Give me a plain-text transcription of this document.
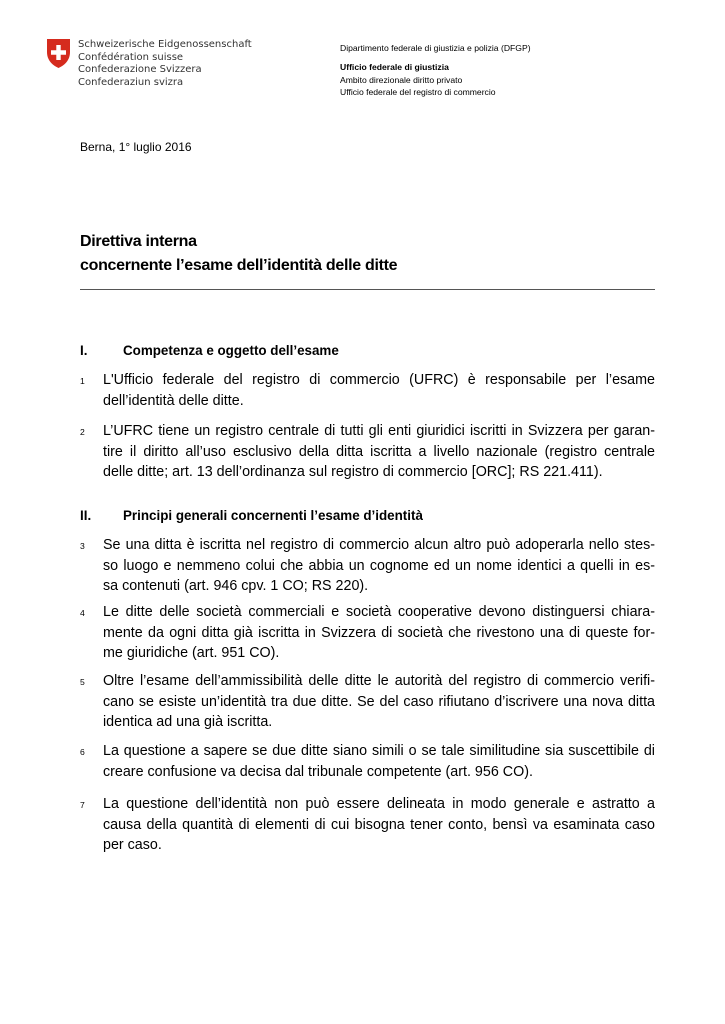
Schweizerische Eidgenossenschaft
Confédération suisse
Confederazione Svizzera
Confederaziun svizra
Dipartimento federale di giustizia e polizia (DFGP)
Ufficio federale di giustizia
Ambito direzionale diritto privato
Ufficio federale del registro di commercio
Berna, 1° luglio 2016
Direttiva interna
concernente l’esame dell’identità delle ditte
I.	Competenza e oggetto dell’esame
1 L'Ufficio federale del registro di commercio (UFRC) è responsabile per l’esame
dell’identità delle ditte.
2 L’UFRC tiene un registro centrale di tutti gli enti giuridici iscritti in Svizzera per garan-
tire il diritto all’uso esclusivo della ditta iscritta a livello nazionale (registro centrale
delle ditte; art. 13 dell’ordinanza sul registro di commercio [ORC]; RS 221.411).
II. Principi generali concernenti l’esame d’identità
3 Se una ditta è iscritta nel registro di commercio alcun altro può adoperarla nello stes-
so luogo e nemmeno colui che abbia un cognome ed un nome identici a quelli in es-
sa contenuti (art. 946 cpv. 1 CO; RS 220).
4 Le ditte delle società commerciali e società cooperative devono distinguersi chiara-
mente da ogni ditta già iscritta in Svizzera di società che rivestono una di queste for-
me giuridiche (art. 951 CO).
5 Oltre l’esame dell’ammissibilità delle ditte le autorità del registro di commercio verifi-
cano se esiste un’identità tra due ditte. Se del caso rifiutano d’iscrivere una nova ditta
identica ad una già iscritta.
6 La questione a sapere se due ditte siano simili o se tale similitudine sia suscettibile di
creare confusione va decisa dal tribunale competente (art. 956 CO).
7 La questione dell’identità non può essere delineata in modo generale e astratto a
causa della quantità di elementi di cui bisogna tener conto, bensì va esaminata caso
per caso.
